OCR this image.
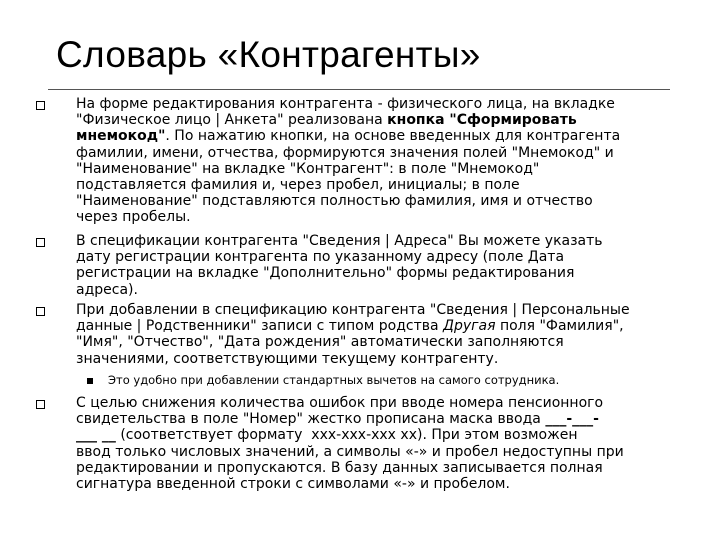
Словарь «Контрагенты»
На форме редактирования контрагента - физического лица, на вкладке
"Физическое лицо | Анкета" реализована кнопка "Сформировать
мнемокод". По нажатию кнопки, на основе введенных для контрагента
фамилии, имени, отчества, формируются значения полей "Мнемокод" и
"Наименование" на вкладке "Контрагент": в поле "Мнемокод"
подставляется фамилия и, через пробел, инициалы; в поле
"Наименование" подставляются полностью фамилия, имя и отчество
через пробелы.
В спецификации контрагента "Сведения | Адреса" Вы можете указать
дату регистрации контрагента по указанному адресу (поле Дата
регистрации на вкладке "Дополнительно" формы редактирования
адреса).
При добавлении в спецификацию контрагента "Сведения | Персональные
данные | Родственники" записи с типом родства Другая поля "Фамилия",
"Имя", "Отчество", "Дата рождения" автоматически заполняются
значениями, соответствующими текущему контрагенту.
Это удобно при добавлении стандартных вычетов на самого сотрудника.
С целью снижения количества ошибок при вводе номера пенсионного
свидетельства в поле "Номер" жестко прописана маска ввода ___-___-
___ __ (соответствует формату  ххх-ххх-ххх хх). При этом возможен
ввод только числовых значений, а символы «-» и пробел недоступны при
редактировании и пропускаются. В базу данных записывается полная
сигнатура введенной строки с символами «-» и пробелом.
